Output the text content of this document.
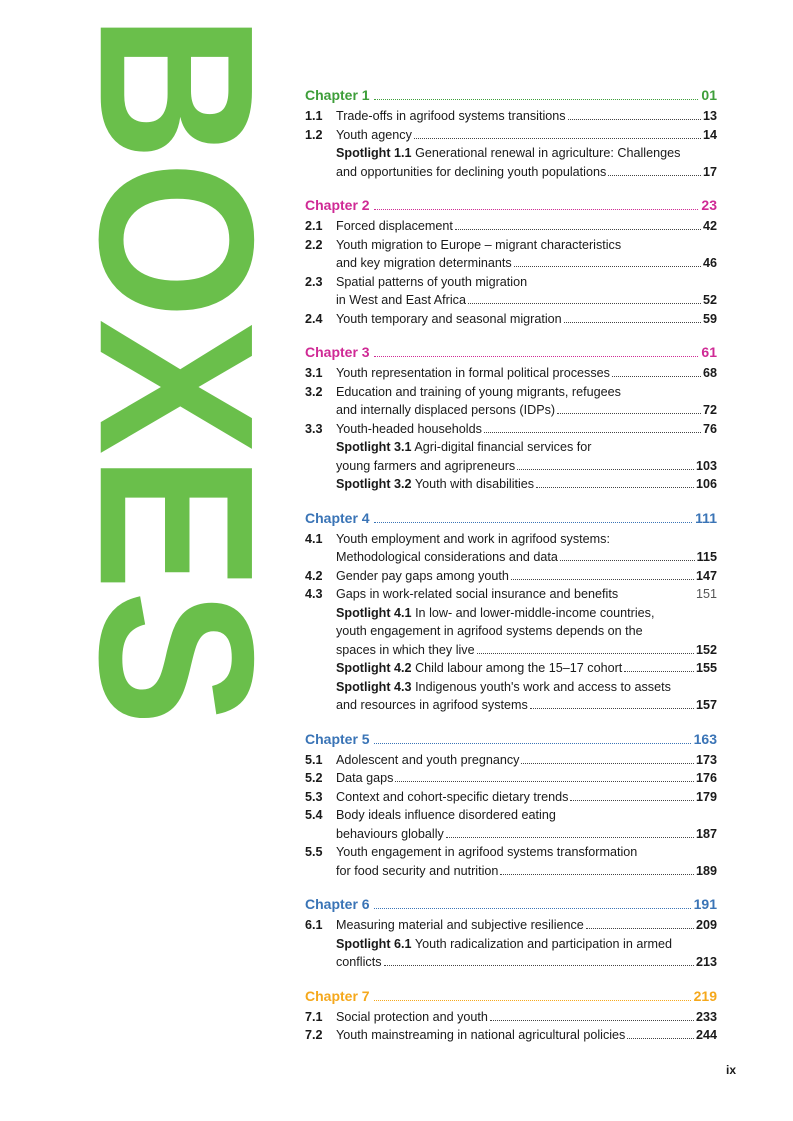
BOXES Chapter 1	01
1.1	Trade-offs in agrifood systems transitions	13
1.2	Youth agency	14
Spotlight 1.1 Generational renewal in agriculture: Challenges
and opportunities for declining youth populations	17
Chapter 2	23
2.1	Forced displacement	42
2.2	Youth migration to Europe – migrant characteristics
and key migration determinants	46
2.3	Spatial patterns of youth migration
in West and East Africa	52
2.4	Youth temporary and seasonal migration	59
Chapter 3	61
3.1	Youth representation in formal political processes	68
3.2	Education and training of young migrants, refugees
and internally displaced persons (IDPs)	72
3.3	Youth-headed households	76
Spotlight 3.1 Agri-digital financial services for
young farmers and agripreneurs	103
Spotlight 3.2 Youth with disabilities	106
Chapter 4	111
4.1	Youth employment and work in agrifood systems:
Methodological considerations and data	115
4.2	Gender pay gaps among youth	147
4.3	Gaps in work-related social insurance and benefits	151
Spotlight 4.1 In low- and lower-middle-income countries,
youth engagement in agrifood systems depends on the
spaces in which they live	152
Spotlight 4.2 Child labour among the 15–17 cohort	155
Spotlight 4.3 Indigenous youth's work and access to assets
and resources in agrifood systems	157
Chapter 5	163
5.1	Adolescent and youth pregnancy	173
5.2	Data gaps	176
5.3	Context and cohort-specific dietary trends	179
5.4	Body ideals influence disordered eating
behaviours globally	187
5.5	Youth engagement in agrifood systems transformation
for food security and nutrition	189
Chapter 6	191
6.1	Measuring material and subjective resilience	209
Spotlight 6.1 Youth radicalization and participation in armed
conflicts	213
Chapter 7	219
7.1	Social protection and youth	233
7.2	Youth mainstreaming in national agricultural policies	244
ix
